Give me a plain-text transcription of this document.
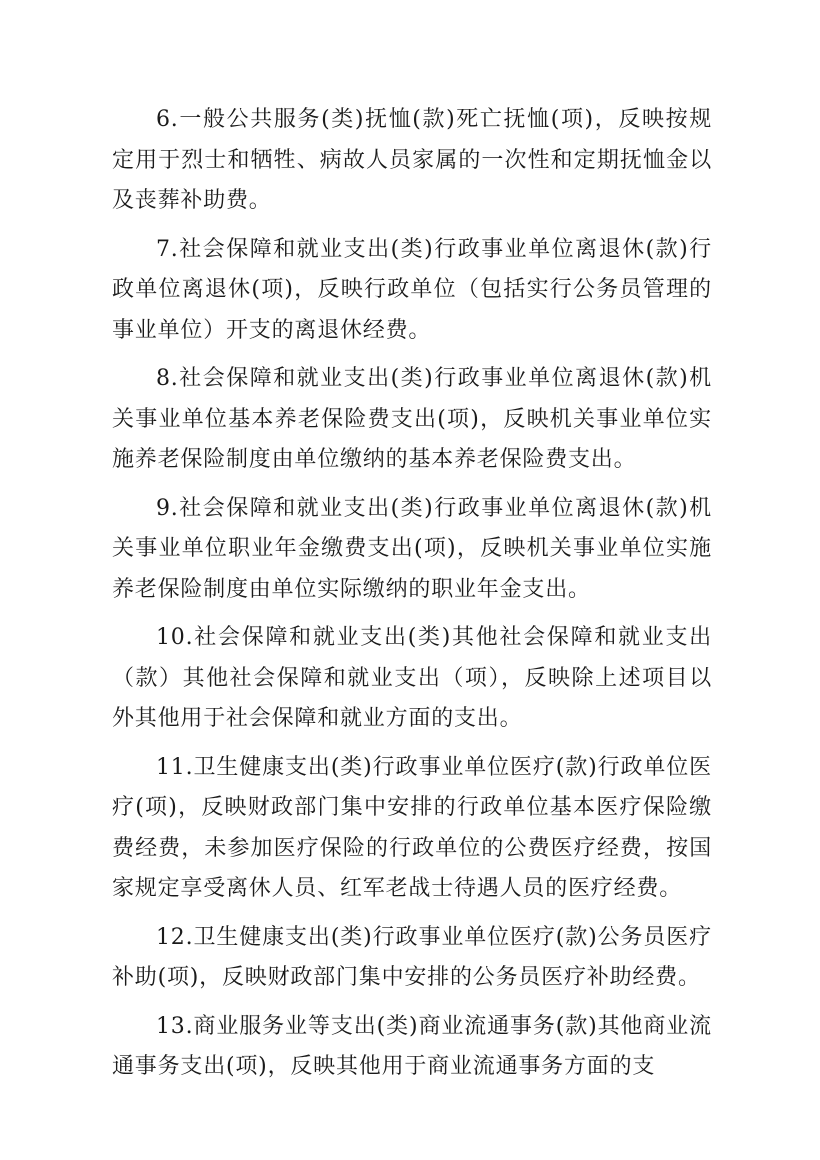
6.一般公共服务(类)抚恤(款)死亡抚恤(项)，反映按规定用于烈士和牺牲、病故人员家属的一次性和定期抚恤金以及丧葬补助费。

7.社会保障和就业支出(类)行政事业单位离退休(款)行政单位离退休(项)，反映行政单位（包括实行公务员管理的事业单位）开支的离退休经费。

8.社会保障和就业支出(类)行政事业单位离退休(款)机关事业单位基本养老保险费支出(项)，反映机关事业单位实施养老保险制度由单位缴纳的基本养老保险费支出。

9.社会保障和就业支出(类)行政事业单位离退休(款)机关事业单位职业年金缴费支出(项)，反映机关事业单位实施养老保险制度由单位实际缴纳的职业年金支出。

10.社会保障和就业支出(类)其他社会保障和就业支出（款）其他社会保障和就业支出（项），反映除上述项目以外其他用于社会保障和就业方面的支出。

11.卫生健康支出(类)行政事业单位医疗(款)行政单位医疗(项)，反映财政部门集中安排的行政单位基本医疗保险缴费经费，未参加医疗保险的行政单位的公费医疗经费，按国家规定享受离休人员、红军老战士待遇人员的医疗经费。

12.卫生健康支出(类)行政事业单位医疗(款)公务员医疗补助(项)，反映财政部门集中安排的公务员医疗补助经费。

13.商业服务业等支出(类)商业流通事务(款)其他商业流通事务支出(项)，反映其他用于商业流通事务方面的支
